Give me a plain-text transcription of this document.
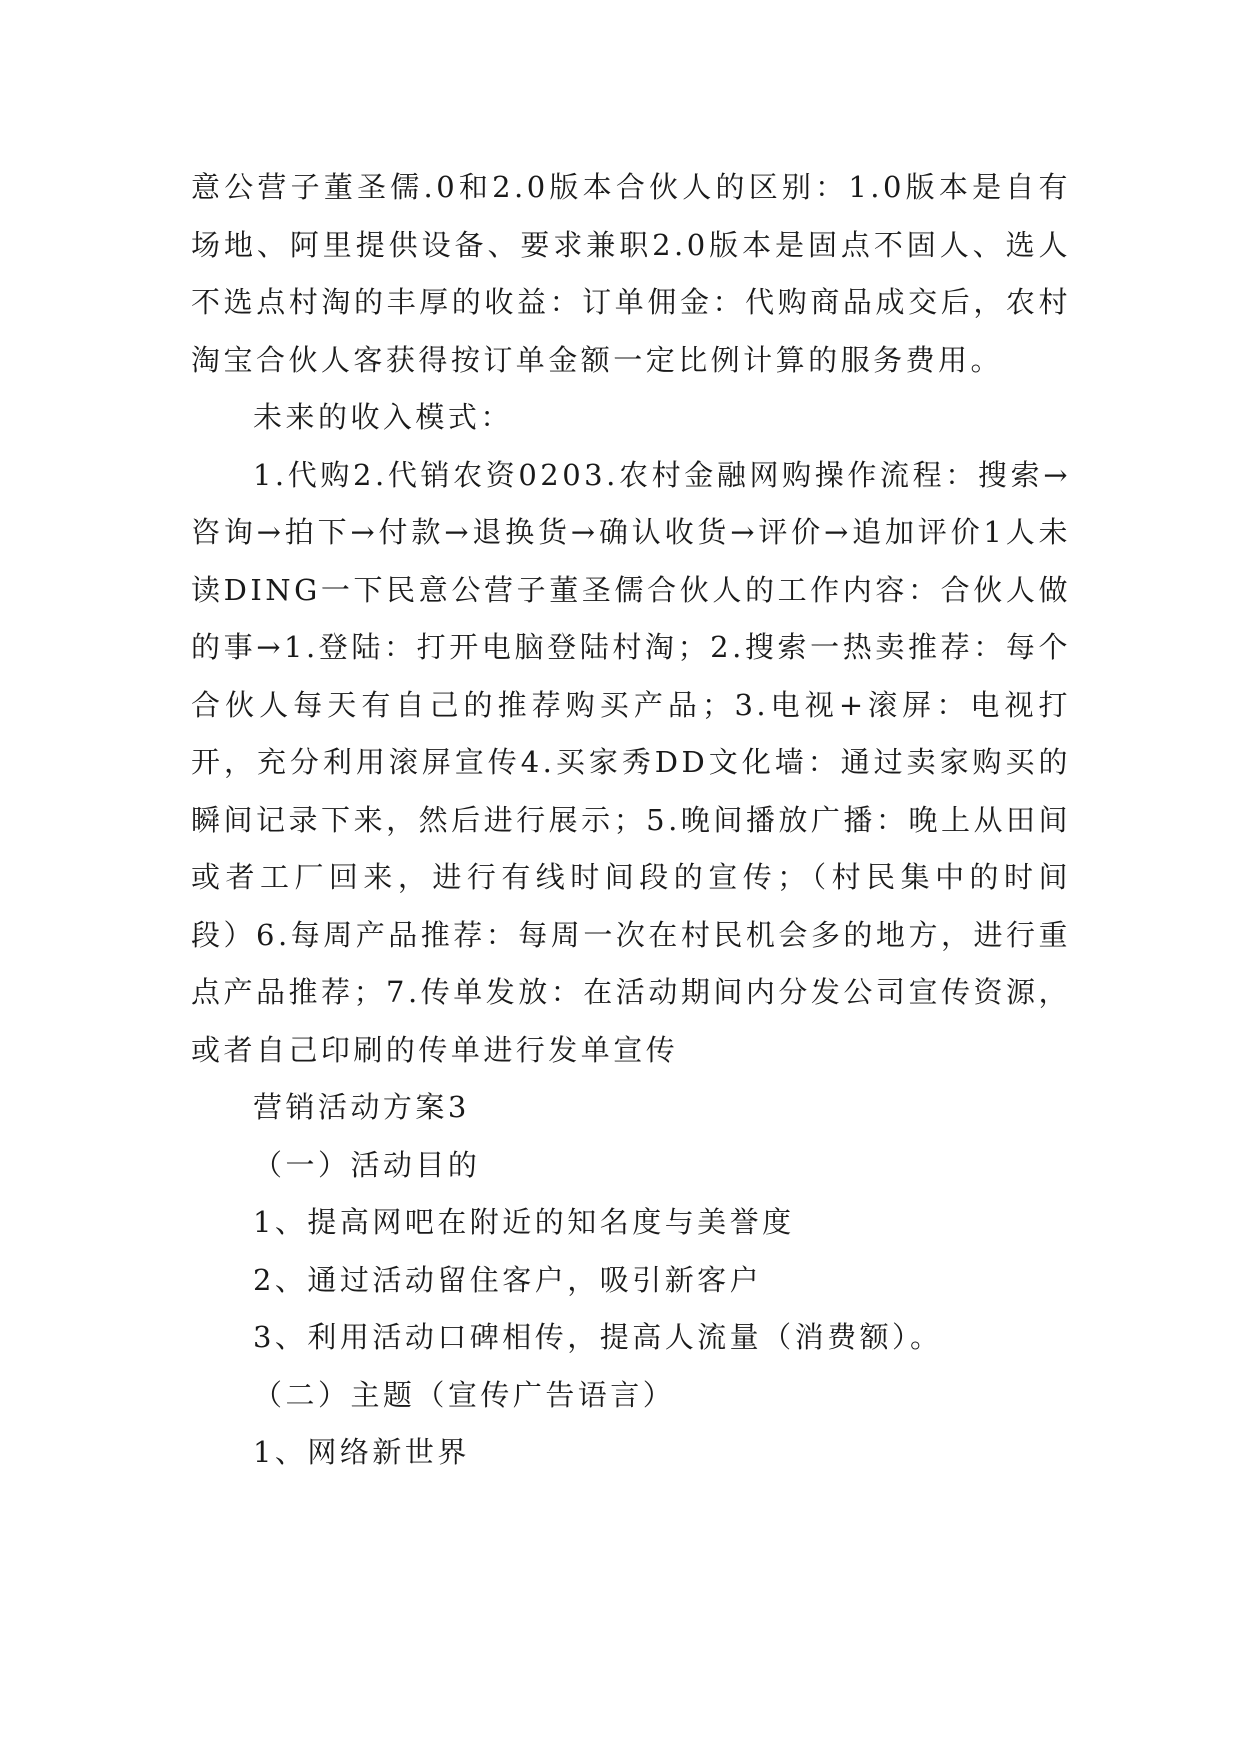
意公营子董圣儒.0和2.0版本合伙人的区别：1.0版本是自有场地、阿里提供设备、要求兼职2.0版本是固点不固人、选人不选点村淘的丰厚的收益：订单佣金：代购商品成交后，农村淘宝合伙人客获得按订单金额一定比例计算的服务费用。

未来的收入模式：

1.代购2.代销农资0203.农村金融网购操作流程：搜索→咨询→拍下→付款→退换货→确认收货→评价→追加评价1人未读DING一下民意公营子董圣儒合伙人的工作内容：合伙人做的事→1.登陆：打开电脑登陆村淘；2.搜索一热卖推荐：每个合伙人每天有自己的推荐购买产品；3.电视+滚屏：电视打开，充分利用滚屏宣传4.买家秀DD文化墙：通过卖家购买的瞬间记录下来，然后进行展示；5.晚间播放广播：晚上从田间或者工厂回来，进行有线时间段的宣传；（村民集中的时间段）6.每周产品推荐：每周一次在村民机会多的地方，进行重点产品推荐；7.传单发放：在活动期间内分发公司宣传资源，或者自己印刷的传单进行发单宣传

营销活动方案3

（一）活动目的

1、提高网吧在附近的知名度与美誉度

2、通过活动留住客户，吸引新客户

3、利用活动口碑相传，提高人流量（消费额）。

（二）主题（宣传广告语言）

1、网络新世界
